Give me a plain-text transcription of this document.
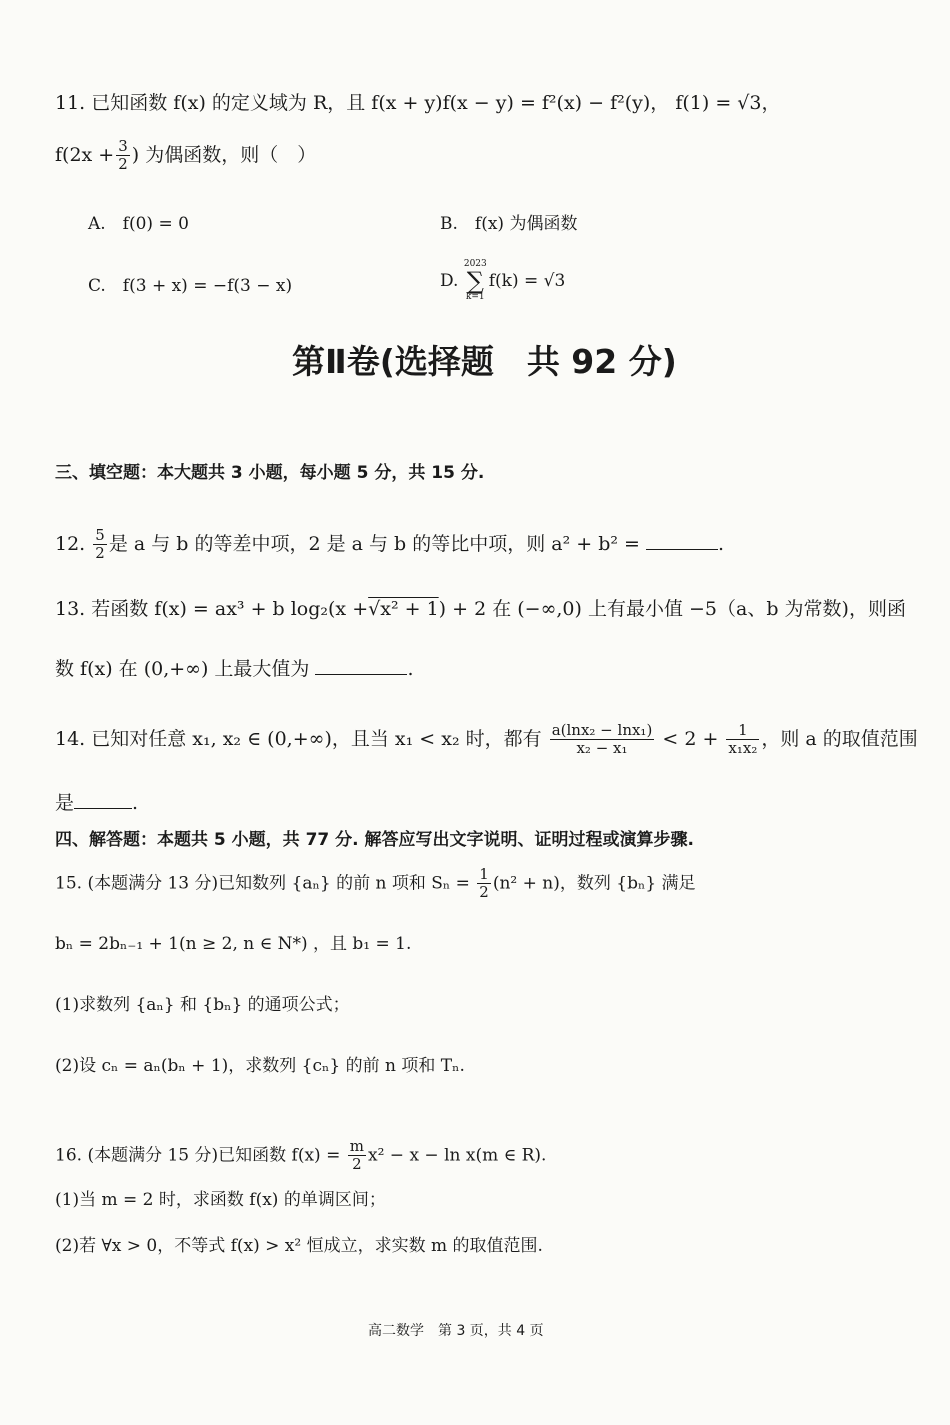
11. 已知函数 f(x) 的定义域为 R，且 f(x + y)f(x − y) = f²(x) − f²(y)， f(1) = √3，
$f(2x + \frac{3}{2}$ ) 为偶函数，则（　）
A.　f(0) = 0	B.　f(x) 为偶函数
C.　f(3 + x) = −f(3 − x)	D.
2023
∑
k=1
f(k) = √3
第Ⅱ卷(选择题　共 92 分)
三、填空题：本大题共 3 小题，每小题 5 分，共 15 分.
12. $\frac{5}{2}$ 是 a 与 b 的等差中项，2 是 a 与 b 的等比中项，则 a² + b² =	.
13. 若函数 f(x) = ax³ + b log₂(x +√x² + 1) + 2 在 (−∞,0) 上有最小值 −5（a、b 为常数)，则函
数 f(x) 在 (0,+∞) 上最大值为	.
14. 已知对任意 x₁, x₂ ∈ (0,+∞)，且当 x₁ < x₂ 时，都有 $\frac{\text{a(lnx₂ − lnx₁)}}{\text{x₂ − x₁}} < 2 + \frac{1}{\text{x₁x₂}}$ ，则 a 的取值范围
是	.
四、解答题：本题共 5 小题，共 77 分. 解答应写出文字说明、证明过程或演算步骤.
15. (本题满分 13 分)已知数列 {aₙ} 的前 n 项和 $S_n = \frac{1}{2} (n^2 + n)$，数列 {bₙ} 满足
bₙ = 2bₙ₋₁ + 1(n ≥ 2, n ∈ N*) ，且 b₁ = 1.
(1)求数列 {aₙ} 和 {bₙ} 的通项公式；
(2)设 cₙ = aₙ(bₙ + 1)，求数列 {cₙ} 的前 n 项和 Tₙ.
16. (本题满分 15 分)已知函数 $f(x) = \frac{m}{2} x^2 - x - \ln x(m$ ∈ R).
(1)当 m = 2 时，求函数 f(x) 的单调区间；
(2)若 ∀x > 0，不等式 f(x) > x² 恒成立，求实数 m 的取值范围.
高二数学　第 3 页，共 4 页
